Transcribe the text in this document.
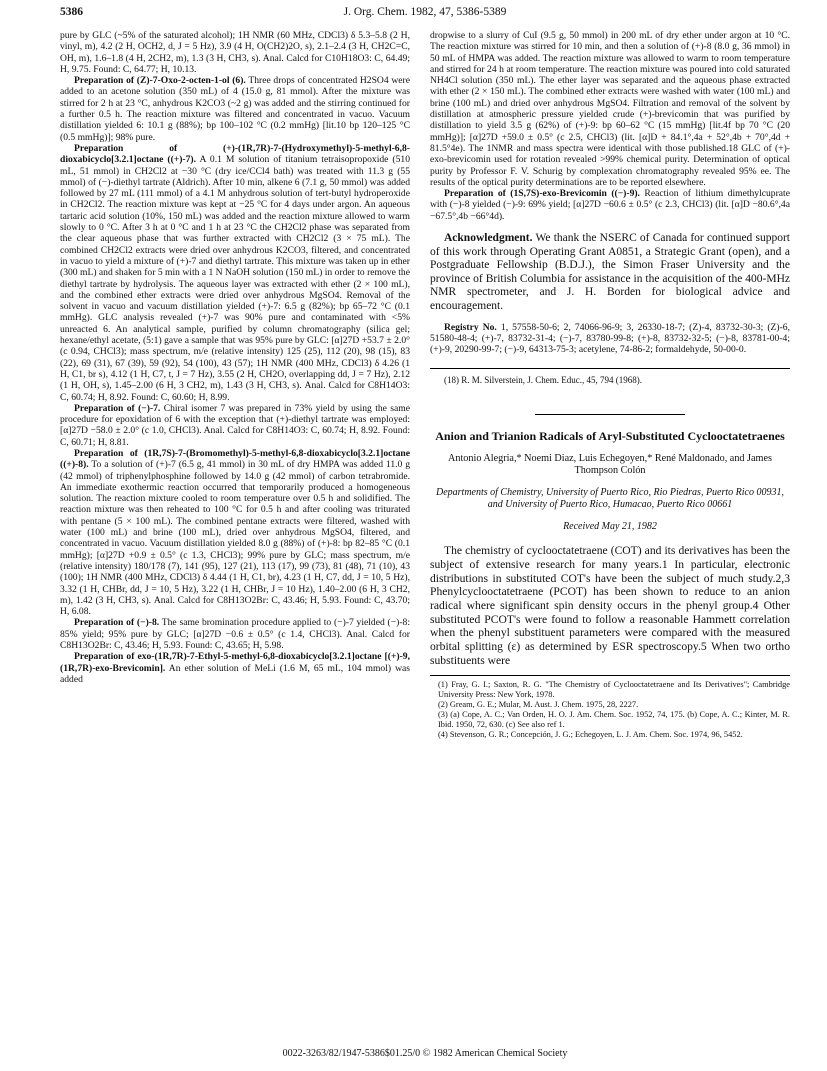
5386	J. Org. Chem. 1982, 47, 5386-5389

pure by GLC (~5% of the saturated alcohol); 1H NMR (60 MHz, CDCl3) δ 5.3–5.8 (2 H, vinyl, m), 4.2 (2 H, OCH2, d, J = 5 Hz), 3.9 (4 H, O(CH2)2O, s), 2.1–2.4 (3 H, CH2C=C, OH, m), 1.6–1.8 (4 H, 2CH2, m), 1.3 (3 H, CH3, s). Anal. Calcd for C10H18O3: C, 64.49; H, 9.75. Found: C, 64.77; H, 10.13.

Preparation of (Z)-7-Oxo-2-octen-1-ol (6). Three drops of concentrated H2SO4 were added to an acetone solution (350 mL) of 4 (15.0 g, 81 mmol). After the mixture was stirred for 2 h at 23 °C, anhydrous K2CO3 (~2 g) was added and the stirring continued for a further 0.5 h. The reaction mixture was filtered and concentrated in vacuo. Vacuum distillation yielded 6: 10.1 g (88%); bp 100–102 °C (0.2 mmHg) [lit.10 bp 120–125 °C (0.5 mmHg)]; 98% pure.

Preparation of (+)-(1R,7R)-7-(Hydroxymethyl)-5-methyl-6,8-dioxabicyclo[3.2.1]octane ((+)-7). A 0.1 M solution of titanium tetraisopropoxide (510 mL, 51 mmol) in CH2Cl2 at −30 °C (dry ice/CCl4 bath) was treated with 11.3 g (55 mmol) of (−)-diethyl tartrate (Aldrich). After 10 min, alkene 6 (7.1 g, 50 mmol) was added followed by 27 mL (111 mmol) of a 4.1 M anhydrous solution of tert-butyl hydroperoxide in CH2Cl2. The reaction mixture was kept at −25 °C for 4 days under argon. An aqueous tartaric acid solution (10%, 150 mL) was added and the reaction mixture allowed to warm slowly to 0 °C. After 3 h at 0 °C and 1 h at 23 °C the CH2Cl2 phase was separated from the clear aqueous phase that was further extracted with CH2Cl2 (3 × 75 mL). The combined CH2Cl2 extracts were dried over anhydrous K2CO3, filtered, and concentrated in vacuo to yield a mixture of (+)-7 and diethyl tartrate. This mixture was taken up in ether (300 mL) and shaken for 5 min with a 1 N NaOH solution (150 mL) in order to remove the diethyl tartrate by hydrolysis. The aqueous layer was extracted with ether (2 × 100 mL), and the combined ether extracts were dried over anhydrous MgSO4. Removal of the solvent in vacuo and vacuum distillation yielded (+)-7: 6.5 g (82%); bp 65–72 °C (0.1 mmHg). GLC analysis revealed (+)-7 was 90% pure and contaminated with <5% unreacted 6. An analytical sample, purified by column chromatography (silica gel; hexane/ethyl acetate, (5:1) gave a sample that was 95% pure by GLC: [α]27D +53.7 ± 2.0° (c 0.94, CHCl3); mass spectrum, m/e (relative intensity) 125 (25), 112 (20), 98 (15), 83 (22), 69 (31), 67 (39), 59 (92), 54 (100), 43 (57); 1H NMR (400 MHz, CDCl3) δ 4.26 (1 H, C1, br s), 4.12 (1 H, C7, t, J = 7 Hz), 3.55 (2 H, CH2O, overlapping dd, J = 7 Hz), 2.12 (1 H, OH, s), 1.45–2.00 (6 H, 3 CH2, m), 1.43 (3 H, CH3, s). Anal. Calcd for C8H14O3: C, 60.74; H, 8.92. Found: C, 60.60; H, 8.99.

Preparation of (−)-7. Chiral isomer 7 was prepared in 73% yield by using the same procedure for epoxidation of 6 with the exception that (+)-diethyl tartrate was employed: [α]27D −58.0 ± 2.0° (c 1.0, CHCl3). Anal. Calcd for C8H14O3: C, 60.74; H, 8.92. Found: C, 60.71; H, 8.81.

Preparation of (1R,7S)-7-(Bromomethyl)-5-methyl-6,8-dioxabicyclo[3.2.1]octane ((+)-8). To a solution of (+)-7 (6.5 g, 41 mmol) in 30 mL of dry HMPA was added 11.0 g (42 mmol) of triphenylphosphine followed by 14.0 g (42 mmol) of carbon tetrabromide. An immediate exothermic reaction occurred that temporarily produced a homogeneous solution. The reaction mixture cooled to room temperature over 0.5 h and solidified. The reaction mixture was then reheated to 100 °C for 0.5 h and after cooling was triturated with pentane (5 × 100 mL). The combined pentane extracts were filtered, washed with water (100 mL) and brine (100 mL), dried over anhydrous MgSO4, filtered, and concentrated in vacuo. Vacuum distillation yielded 8.0 g (88%) of (+)-8: bp 82–85 °C (0.1 mmHg); [α]27D +0.9 ± 0.5° (c 1.3, CHCl3); 99% pure by GLC; mass spectrum, m/e (relative intensity) 180/178 (7), 141 (95), 127 (21), 113 (17), 99 (73), 81 (48), 71 (10), 43 (100); 1H NMR (400 MHz, CDCl3) δ 4.44 (1 H, C1, br), 4.23 (1 H, C7, dd, J = 10, 5 Hz), 3.32 (1 H, CHBr, dd, J = 10, 5 Hz), 3.22 (1 H, CHBr, J = 10 Hz), 1.40–2.00 (6 H, 3 CH2, m), 1.42 (3 H, CH3, s). Anal. Calcd for C8H13O2Br: C, 43.46; H, 5.93. Found: C, 43.70; H, 6.08.

Preparation of (−)-8. The same bromination procedure applied to (−)-7 yielded (−)-8: 85% yield; 95% pure by GLC; [α]27D −0.6 ± 0.5° (c 1.4, CHCl3). Anal. Calcd for C8H13O2Br: C, 43.46; H, 5.93. Found: C, 43.65; H, 5.98.

Preparation of exo-(1R,7R)-7-Ethyl-5-methyl-6,8-dioxabicyclo[3.2.1]octane [(+)-9, (1R,7R)-exo-Brevicomin]. An ether solution of MeLi (1.6 M, 65 mL, 104 mmol) was added

dropwise to a slurry of CuI (9.5 g, 50 mmol) in 200 mL of dry ether under argon at 10 °C. The reaction mixture was stirred for 10 min, and then a solution of (+)-8 (8.0 g, 36 mmol) in 50 mL of HMPA was added. The reaction mixture was allowed to warm to room temperature and stirred for 24 h at room temperature. The reaction mixture was poured into cold saturated NH4Cl solution (350 mL). The ether layer was separated and the aqueous phase extracted with ether (2 × 150 mL). The combined ether extracts were washed with water (100 mL) and brine (100 mL) and dried over anhydrous MgSO4. Filtration and removal of the solvent by distillation at atmospheric pressure yielded crude (+)-brevicomin that was purified by distillation to yield 3.5 g (62%) of (+)-9: bp 60–62 °C (15 mmHg) [lit.4f bp 70 °C (20 mmHg)]; [α]27D +59.0 ± 0.5° (c 2.5, CHCl3) (lit. [α]D + 84.1°,4a + 52°,4b + 70°,4d + 81.5°4e). The 1NMR and mass spectra were identical with those published.18 GLC of (+)-exo-brevicomin used for rotation revealed >99% chemical purity. Determination of optical purity by Professor F. V. Schurig by complexation chromatography revealed 95% ee. The results of the optical purity determinations are to be reported elsewhere.

Preparation of (1S,7S)-exo-Brevicomin ((−)-9). Reaction of lithium dimethylcuprate with (−)-8 yielded (−)-9: 69% yield; [α]27D −60.6 ± 0.5° (c 2.3, CHCl3) (lit. [α]D −80.6°,4a −67.5°,4b −66°4d).

Acknowledgment. We thank the NSERC of Canada for continued support of this work through Operating Grant A0851, a Strategic Grant (open), and a Postgraduate Fellowship (B.D.J.), the Simon Fraser University and the province of British Columbia for assistance in the acquisition of the 400-MHz NMR spectrometer, and J. H. Borden for biological advice and encouragement.

Registry No. 1, 57558-50-6; 2, 74066-96-9; 3, 26330-18-7; (Z)-4, 83732-30-3; (Z)-6, 51580-48-4; (+)-7, 83732-31-4; (−)-7, 83780-99-8; (+)-8, 83732-32-5; (−)-8, 83781-00-4; (+)-9, 20290-99-7; (−)-9, 64313-75-3; acetylene, 74-86-2; formaldehyde, 50-00-0.

(18) R. M. Silverstein, J. Chem. Educ., 45, 794 (1968).

Anion and Trianion Radicals of Aryl-Substituted Cyclooctatetraenes

Antonio Alegria,* Noemi Diaz, Luis Echegoyen,* René Maldonado, and James Thompson Colón

Departments of Chemistry, University of Puerto Rico, Rio Piedras, Puerto Rico 00931, and University of Puerto Rico, Humacao, Puerto Rico 00661

Received May 21, 1982

The chemistry of cyclooctatetraene (COT) and its derivatives has been the subject of extensive research for many years.1 In particular, electronic distributions in substituted COT's have been the subject of much study.2,3 Phenylcyclooctatetraene (PCOT) has been shown to reduce to an anion radical where significant spin density occurs in the phenyl group.4 Other substituted PCOT's were found to follow a reasonable Hammett correlation when the phenyl substituent parameters were compared with the measured orbital splitting (ε) as determined by ESR spectroscopy.5 When two ortho substituents were

(1) Fray, G. I.; Saxton, R. G. "The Chemistry of Cyclooctatetraene and Its Derivatives"; Cambridge University Press: New York, 1978.

(2) Gream, G. E.; Mular, M. Aust. J. Chem. 1975, 28, 2227.

(3) (a) Cope, A. C.; Van Orden, H. O. J. Am. Chem. Soc. 1952, 74, 175. (b) Cope, A. C.; Kinter, M. R. Ibid. 1950, 72, 630. (c) See also ref 1.

(4) Stevenson, G. R.; Concepción, J. G.; Echegoyen, L. J. Am. Chem. Soc. 1974, 96, 5452.

0022-3263/82/1947-5386$01.25/0 © 1982 American Chemical Society
